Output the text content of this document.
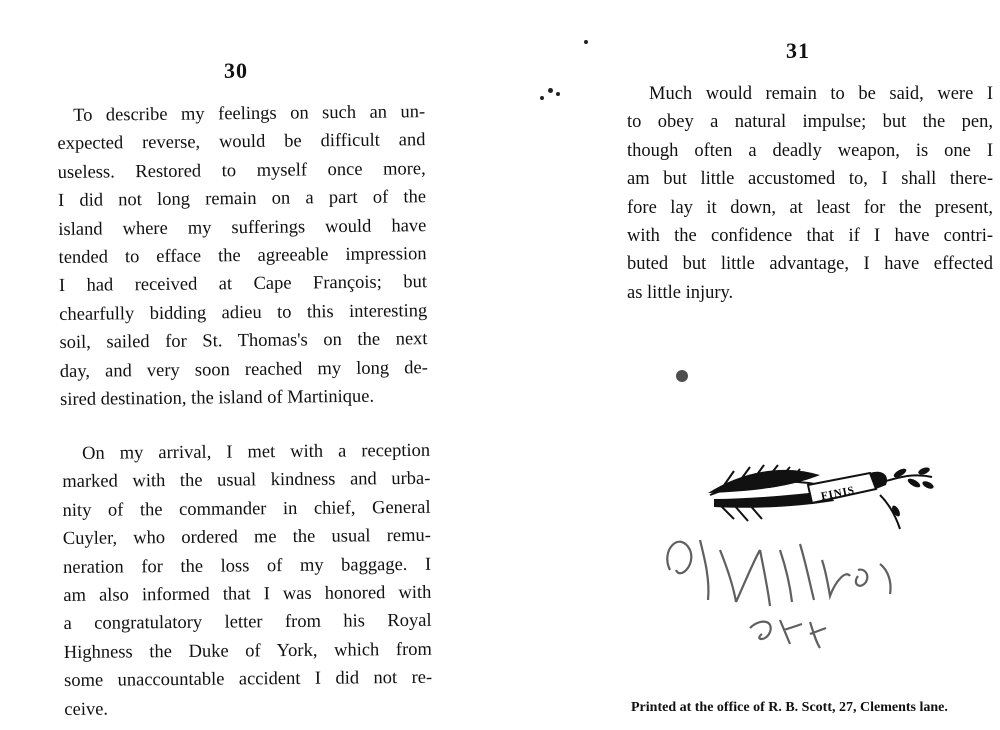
30
To describe my feelings on such an un-
expected reverse, would be difficult and
useless. Restored to myself once more,
I did not long remain on a part of the
island where my sufferings would have
tended to efface the agreeable impression
I had received at Cape François; but
chearfully bidding adieu to this interesting
soil, sailed for St. Thomas's on the next
day, and very soon reached my long de-
sired destination, the island of Martinique.
On my arrival, I met with a reception
marked with the usual kindness and urba-
nity of the commander in chief, General
Cuyler, who ordered me the usual remu-
neration for the loss of my baggage. I
am also informed that I was honored with
a congratulatory letter from his Royal
Highness the Duke of York, which from
some unaccountable accident I did not re-
ceive.
31
Much would remain to be said, were I
to obey a natural impulse; but the pen,
though often a deadly weapon, is one I
am but little accustomed to, I shall there-
fore lay it down, at least for the present,
with the confidence that if I have contri-
buted but little advantage, I have effected
as little injury.
FINIS
Printed at the office of R. B. Scott, 27, Clements lane.
